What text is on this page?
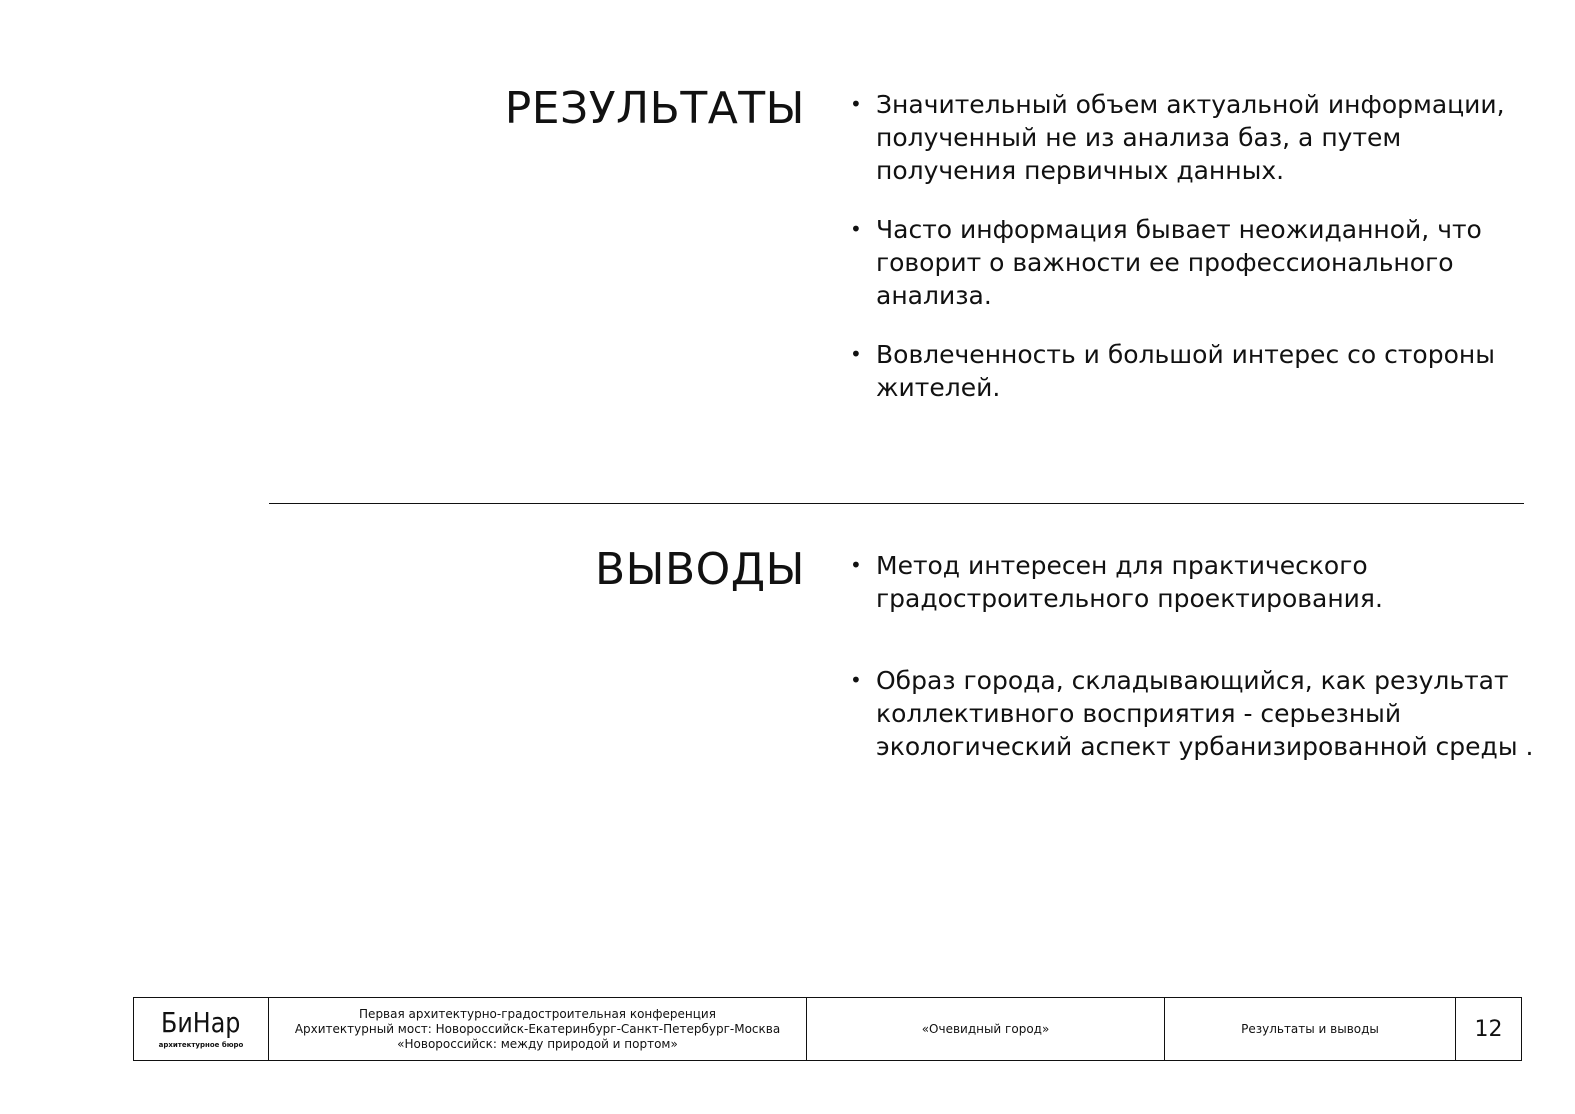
РЕЗУЛЬТАТЫ	• Значительный объем актуальной информации, полученный не из анализа баз, а путем получения первичных данных.
• Часто информация бывает неожиданной, что говорит о важности ее профессионального анализа.
• Вовлеченность и большой интерес со стороны жителей.
ВЫВОДЫ	• Метод интересен для практического градостроительного проектирования.
• Образ города, складывающийся, как результат коллективного восприятия - серьезный экологический аспект урбанизированной среды .
БиНар
архитектурное бюро
Первая архитектурно-градостроительная конференция
Архитектурный мост: Новороссийск-Екатеринбург-Санкт-Петербург-Москва
«Новороссийск: между природой и портом»
«Очевидный город»	Результаты и выводы	12
